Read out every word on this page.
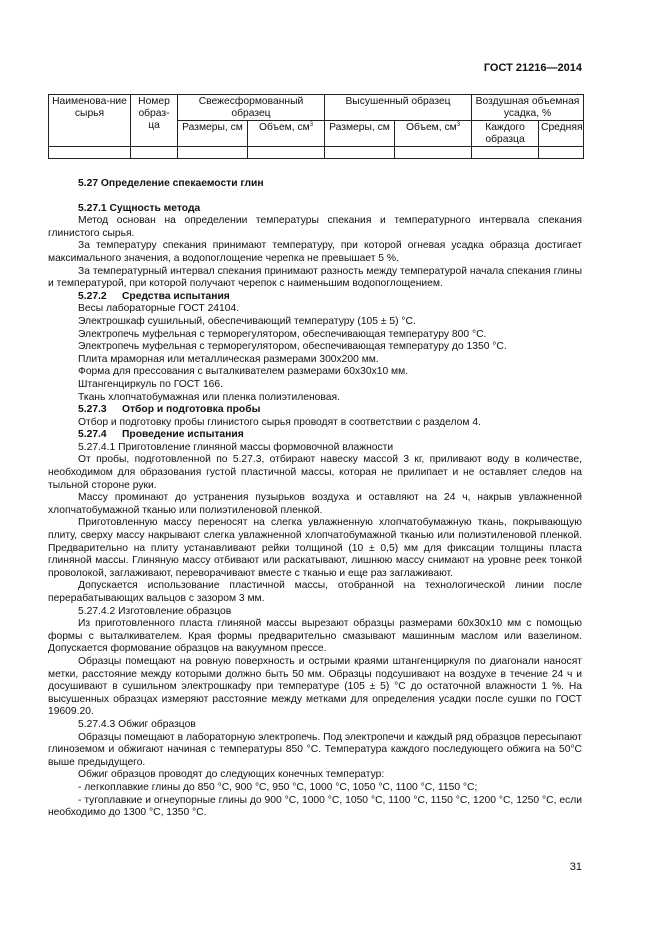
ГОСТ 21216—2014
Наименова-ние сырья	Номер образ-ца	Свежесформованный образец		Высушенный образец		Воздушная объемная усадка, %	
		Размеры, см	Объем, $см^3$	Размеры, см	Объем, $см^3$	Каждого образца	Средняя

5.27 Определение спекаемости глин
5.27.1 Сущность метода

Метод основан на определении температуры спекания и температурного интервала спекания глинистого сырья.

За температуру спекания принимают температуру, при которой огневая усадка образца достигает максимального значения, а водопоглощение черепка не превышает 5 %.

За температурный интервал спекания принимают разность между температурой начала спекания глины и температурой, при которой получают черепок с наименьшим водопоглощением.

5.27.2	Средства испытания

Весы лабораторные ГОСТ 24104.

Электрошкаф сушильный, обеспечивающий температуру (105 ± 5) °С.

Электропечь муфельная с терморегулятором, обеспечивающая температуру 800 °С.

Электропечь муфельная с терморегулятором, обеспечивающая температуру до 1350 °С.

Плита мраморная или металлическая размерами 300х200 мм.

Форма для прессования с выталкивателем размерами 60х30х10 мм.

Штангенциркуль по ГОСТ 166.

Ткань хлопчатобумажная или пленка полиэтиленовая.

5.27.3	Отбор и подготовка пробы

Отбор и подготовку пробы глинистого сырья проводят в соответствии с разделом 4.

5.27.4	Проведение испытания

5.27.4.1 Приготовление глиняной массы формовочной влажности

От пробы, подготовленной по 5.27.3, отбирают навеску массой 3 кг, приливают воду в количестве, необходимом для образования густой пластичной массы, которая не прилипает и не оставляет следов на тыльной стороне руки.

Массу проминают до устранения пузырьков воздуха и оставляют на 24 ч, накрыв увлажненной хлопчатобумажной тканью или полиэтиленовой пленкой.

Приготовленную массу переносят на слегка увлажненную хлопчатобумажную ткань, покрывающую плиту, сверху массу накрывают слегка увлажненной хлопчатобумажной тканью или полиэтиленовой пленкой. Предварительно на плиту устанавливают рейки толщиной (10 ± 0,5) мм для фиксации толщины пласта глиняной массы. Глиняную массу отбивают или раскатывают, лишнюю массу снимают на уровне реек тонкой проволокой, заглаживают, переворачивают вместе с тканью и еще раз заглаживают.

Допускается использование пластичной массы, отобранной на технологической линии после перерабатывающих вальцов с зазором 3 мм.

5.27.4.2 Изготовление образцов

Из приготовленного пласта глиняной массы вырезают образцы размерами 60х30х10 мм с помощью формы с выталкивателем. Края формы предварительно смазывают машинным маслом или вазелином. Допускается формование образцов на вакуумном прессе.

Образцы помещают на ровную поверхность и острыми краями штангенциркуля по диагонали наносят метки, расстояние между которыми должно быть 50 мм. Образцы подсушивают на воздухе в течение 24 ч и досушивают в сушильном электрошкафу при температуре (105 ± 5) °С до остаточной влажности 1 %. На высушенных образцах измеряют расстояние между метками для определения усадки после сушки по ГОСТ 19609.20.

5.27.4.3 Обжиг образцов

Образцы помещают в лабораторную электропечь. Под электропечи и каждый ряд образцов пересыпают глиноземом и обжигают начиная с температуры 850 °С. Температура каждого последующего обжига на 50°С выше предыдущего.

Обжиг образцов проводят до следующих конечных температур:

- легкоплавкие глины до 850 °С, 900 °С, 950 °С, 1000 °С, 1050 °С, 1100 °С, 1150 °С;

- тугоплавкие и огнеупорные глины до 900 °С, 1000 °С, 1050 °С, 1100 °С, 1150 °С, 1200 °С, 1250 °С, если необходимо до 1300 °С, 1350 °С.

31
